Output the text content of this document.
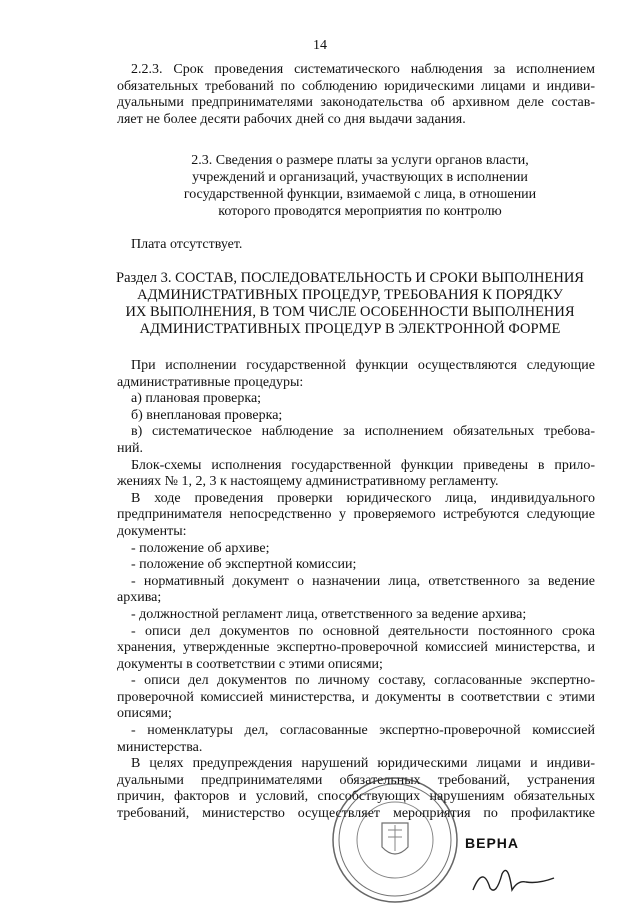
14
2.2.3. Срок проведения систематического наблюдения за исполнением
обязательных требований по соблюдению юридическими лицами и индиви-
дуальными предпринимателями законодательства об архивном деле состав-
ляет не более десяти рабочих дней со дня выдачи задания.
2.3. Сведения о размере платы за услуги органов власти,
учреждений и организаций, участвующих в исполнении
государственной функции, взимаемой с лица, в отношении
которого проводятся мероприятия по контролю
Плата отсутствует.
Раздел 3. СОСТАВ, ПОСЛЕДОВАТЕЛЬНОСТЬ И СРОКИ ВЫПОЛНЕНИЯ
АДМИНИСТРАТИВНЫХ ПРОЦЕДУР, ТРЕБОВАНИЯ К ПОРЯДКУ
ИХ ВЫПОЛНЕНИЯ, В ТОМ ЧИСЛЕ ОСОБЕННОСТИ ВЫПОЛНЕНИЯ
АДМИНИСТРАТИВНЫХ ПРОЦЕДУР В ЭЛЕКТРОННОЙ ФОРМЕ
При исполнении государственной функции осуществляются следующие
административные процедуры:
а) плановая проверка;
б) внеплановая проверка;
в) систематическое наблюдение за исполнением обязательных требова-
ний.
Блок-схемы исполнения государственной функции приведены в прило-
жениях № 1, 2, 3 к настоящему административному регламенту.
В ходе проведения проверки юридического лица, индивидуального
предпринимателя непосредственно у проверяемого истребуются следующие
документы:
- положение об архиве;
- положение об экспертной комиссии;
- нормативный документ о назначении лица, ответственного за ведение
архива;
- должностной регламент лица, ответственного за ведение архива;
- описи дел документов по основной деятельности постоянного срока
хранения, утвержденные экспертно-проверочной комиссией министерства, и
документы в соответствии с этими описями;
- описи дел документов по личному составу, согласованные экспертно-
проверочной комиссией министерства, и документы в соответствии с этими
описями;
- номенклатуры дел, согласованные экспертно-проверочной комиссией
министерства.
В целях предупреждения нарушений юридическими лицами и индиви-
дуальными предпринимателями обязательных требований, устранения
причин, факторов и условий, способствующих нарушениям обязательных
требований, министерство осуществляет мероприятия по профилактике
ВЕРНА
